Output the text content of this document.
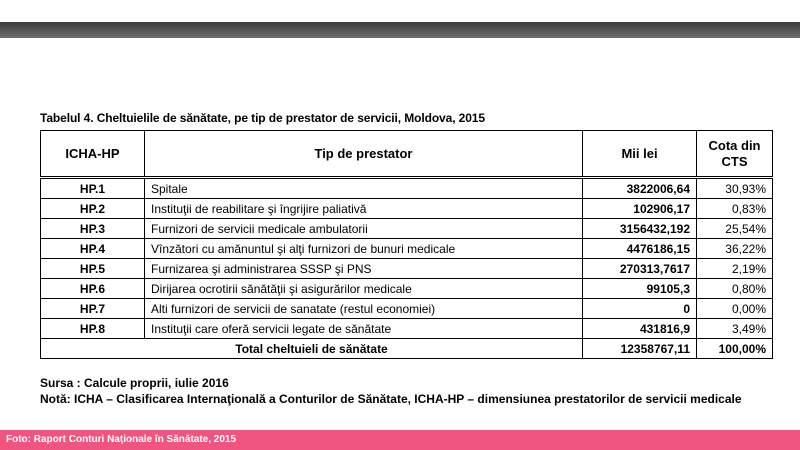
Tabelul 4. Cheltuielile de sănătate, pe tip de prestator de servicii, Moldova, 2015
ICHA-HP	Tip de prestator	Mii lei	Cota din CTS
HP.1	Spitale	3822006,64	30,93%
HP.2	Instituţii de reabilitare şi îngrijire paliativă	102906,17	0,83%
HP.3	Furnizori de servicii medicale ambulatorii	3156432,192	25,54%
HP.4	Vînzători cu amănuntul şi alţi furnizori de bunuri medicale	4476186,15	36,22%
HP.5	Furnizarea şi administrarea SSSP şi PNS	270313,7617	2,19%
HP.6	Dirijarea ocrotirii sănătăţii şi asigurărilor medicale	99105,3	0,80%
HP.7	Alti furnizori de servicii de sanatate (restul economiei)	0	0,00%
HP.8	Instituţii care oferă servicii legate de sănătate	431816,9	3,49%
Total cheltuieli de sănătate		12358767,11	100,00%
Sursa : Calcule proprii, iulie 2016
Notă: ICHA – Clasificarea Internaţională a Conturilor de Sănătate, ICHA-HP – dimensiunea prestatorilor de servicii medicale
Foto: Raport Conturi Naţionale în Sănătate, 2015
